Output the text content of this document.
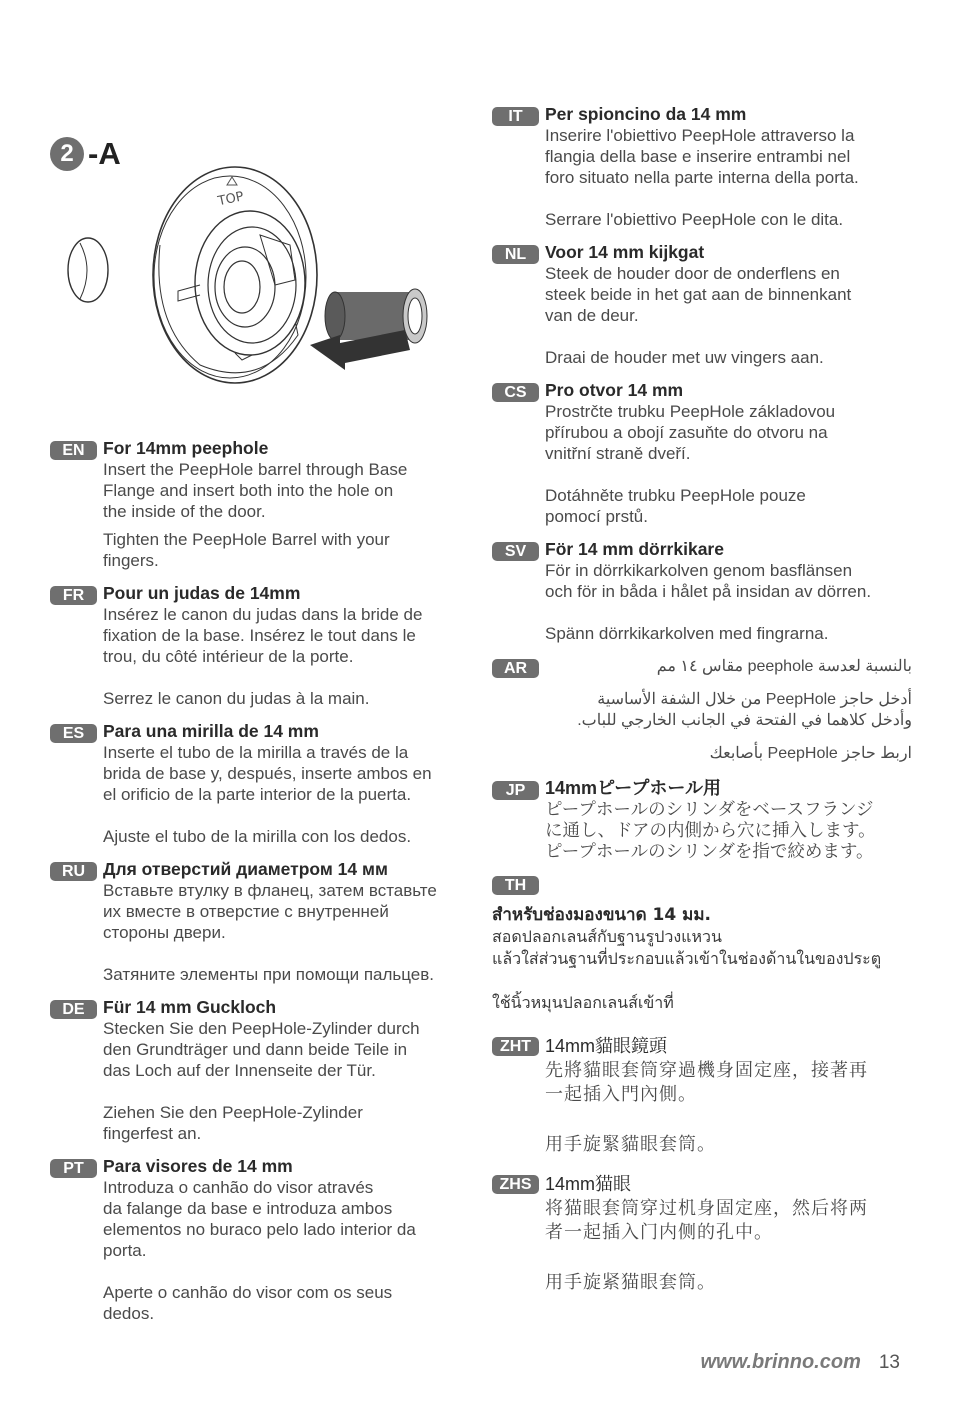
2 -A
TOP
EN	For 14mm peephole

Insert the PeepHole barrel through Base

Flange and insert both into the hole on

the inside of the door.

Tighten the PeepHole Barrel with your

fingers.

FR	Pour un judas de 14mm

Insérez le canon du judas dans la bride de

fixation de la base. Insérez le tout dans le

trou, du côté intérieur de la porte.

Serrez le canon du judas à la main.

ES	Para una mirilla de 14 mm

Inserte el tubo de la mirilla a través de la

brida de base y, después, inserte ambos en

el orificio de la parte interior de la puerta.

Ajuste el tubo de la mirilla con los dedos.

RU	Для отверстий диаметром 14 мм

Вставьте втулку в фланец, затем вставьте

их вместе в отверстие с внутренней

стороны двери.

Затяните элементы при помощи пальцев.

DE	Für 14 mm Guckloch

Stecken Sie den PeepHole-Zylinder durch

den Grundträger und dann beide Teile in

das Loch auf der Innenseite der Tür.

Ziehen Sie den PeepHole-Zylinder

fingerfest an.

PT	Para visores de 14 mm

Introduza o canhão do visor através

da falange da base e introduza ambos

elementos no buraco pelo lado interior da

porta.

Aperte o canhão do visor com os seus

dedos.

IT	Per spioncino da 14 mm

Inserire l'obiettivo PeepHole attraverso la

flangia della base e inserire entrambi nel

foro situato nella parte interna della porta.

Serrare l'obiettivo PeepHole con le dita.

NL	Voor 14 mm kijkgat

Steek de houder door de onderflens en

steek beide in het gat aan de binnenkant

van de deur.

Draai de houder met uw vingers aan.

CS	Pro otvor 14 mm

Prostrčte trubku PeepHole základovou

přírubou a obojí zasuňte do otvoru na

vnitřní straně dveří.

Dotáhněte trubku PeepHole pouze

pomocí prstů.

SV	För 14 mm dörrkikare

För in dörrkikarkolven genom basflänsen

och för in båda i hålet på insidan av dörren.

Spänn dörrkikarkolven med fingrarna.

AR	بالنسبة لعدسة peephole مقاس ١٤ مم

أدخل حاجز PeepHole من خلال الشفة الأساسية

وأدخل كلاهما في الفتحة في الجانب الخارجي للباب.

اربط حاجز PeepHole بأصابعك

JP	14mmピープホール用

ピープホールのシリンダをベースフランジ

に通し、ドアの内側から穴に挿入します。

ピープホールのシリンダを指で絞めます。

TH
สำหรับช่องมองขนาด 14 มม.

สอดปลอกเลนส์กับฐานรูปวงแหวน

แล้วใส่ส่วนฐานที่ประกอบแล้วเข้าในช่องด้านในของประตู

ใช้นิ้วหมุนปลอกเลนส์เข้าที่

ZHT 14mm貓眼鏡頭

先將貓眼套筒穿過機身固定座，接著再

一起插入門內側。

用手旋緊貓眼套筒。

ZHS 14mm猫眼

将猫眼套筒穿过机身固定座，然后将两

者一起插入门内侧的孔中。

用手旋紧猫眼套筒。

www.brinno.com 13
